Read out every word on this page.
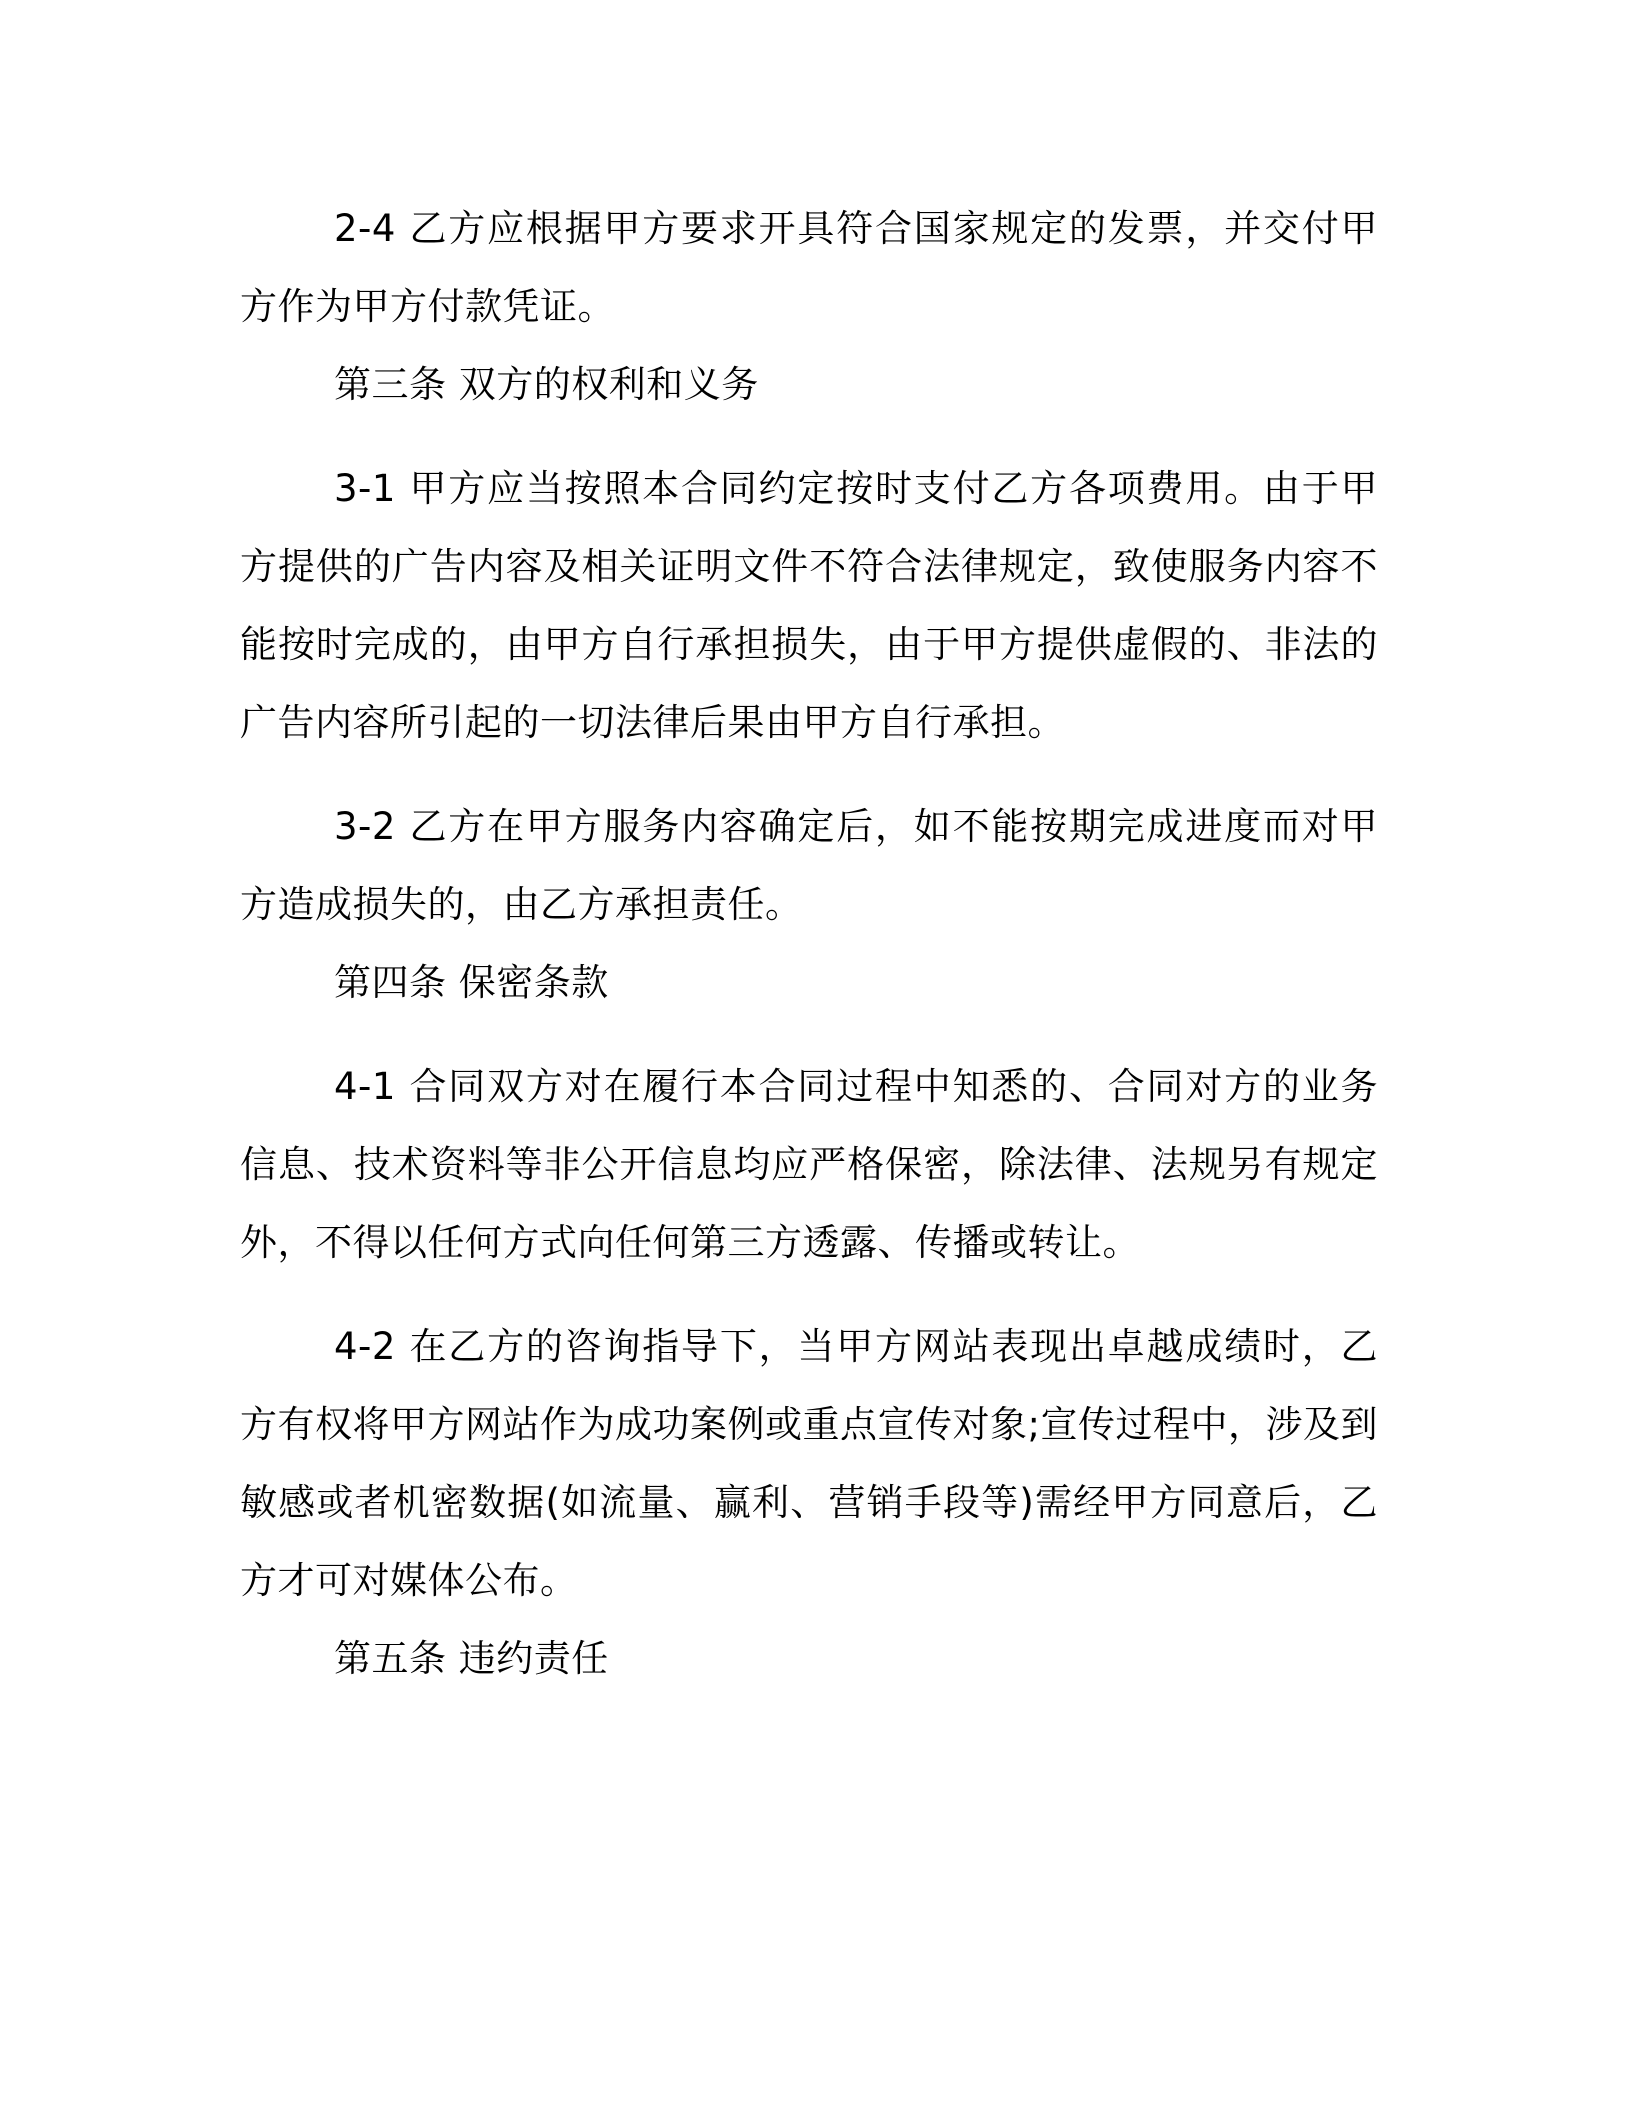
2-4 乙方应根据甲方要求开具符合国家规定的发票，并交付甲方作为甲方付款凭证。

第三条 双方的权利和义务

3-1 甲方应当按照本合同约定按时支付乙方各项费用。由于甲方提供的广告内容及相关证明文件不符合法律规定，致使服务内容不能按时完成的，由甲方自行承担损失，由于甲方提供虚假的、非法的广告内容所引起的一切法律后果由甲方自行承担。

3-2 乙方在甲方服务内容确定后，如不能按期完成进度而对甲方造成损失的，由乙方承担责任。

第四条 保密条款

4-1 合同双方对在履行本合同过程中知悉的、合同对方的业务信息、技术资料等非公开信息均应严格保密，除法律、法规另有规定外，不得以任何方式向任何第三方透露、传播或转让。

4-2 在乙方的咨询指导下，当甲方网站表现出卓越成绩时，乙方有权将甲方网站作为成功案例或重点宣传对象;宣传过程中，涉及到敏感或者机密数据(如流量、赢利、营销手段等)需经甲方同意后，乙方才可对媒体公布。

第五条 违约责任
